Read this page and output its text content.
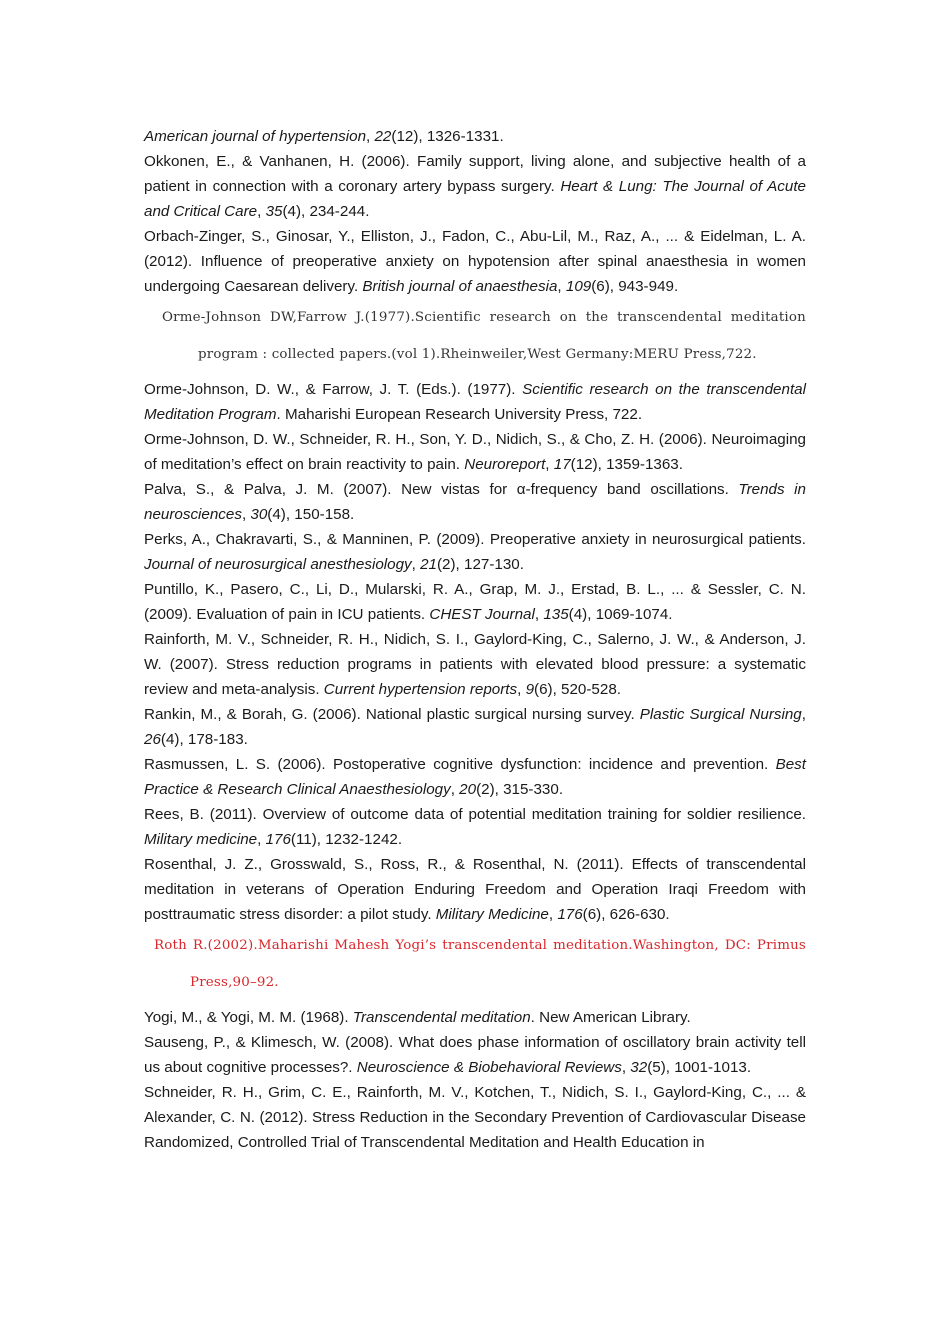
American journal of hypertension, 22(12), 1326-1331.

Okkonen, E., & Vanhanen, H. (2006). Family support, living alone, and subjective health of a patient in connection with a coronary artery bypass surgery. Heart & Lung: The Journal of Acute and Critical Care, 35(4), 234-244.

Orbach-Zinger, S., Ginosar, Y., Elliston, J., Fadon, C., Abu-Lil, M., Raz, A., ... & Eidelman, L. A. (2012). Influence of preoperative anxiety on hypotension after spinal anaesthesia in women undergoing Caesarean delivery. British journal of anaesthesia, 109(6), 943-949.

Orme-Johnson DW,Farrow J.(1977).Scientific research on the transcendental meditation program : collected papers.(vol 1).Rheinweiler,West Germany:MERU Press,722.

Orme-Johnson, D. W., & Farrow, J. T. (Eds.). (1977). Scientific research on the transcendental Meditation Program. Maharishi European Research University Press, 722.

Orme-Johnson, D. W., Schneider, R. H., Son, Y. D., Nidich, S., & Cho, Z. H. (2006). Neuroimaging of meditation’s effect on brain reactivity to pain. Neuroreport, 17(12), 1359-1363.

Palva, S., & Palva, J. M. (2007). New vistas for α-frequency band oscillations. Trends in neurosciences, 30(4), 150-158.

Perks, A., Chakravarti, S., & Manninen, P. (2009). Preoperative anxiety in neurosurgical patients. Journal of neurosurgical anesthesiology, 21(2), 127-130.

Puntillo, K., Pasero, C., Li, D., Mularski, R. A., Grap, M. J., Erstad, B. L., ... & Sessler, C. N. (2009). Evaluation of pain in ICU patients. CHEST Journal, 135(4), 1069-1074.

Rainforth, M. V., Schneider, R. H., Nidich, S. I., Gaylord-King, C., Salerno, J. W., & Anderson, J. W. (2007). Stress reduction programs in patients with elevated blood pressure: a systematic review and meta-analysis. Current hypertension reports, 9(6), 520-528.

Rankin, M., & Borah, G. (2006). National plastic surgical nursing survey. Plastic Surgical Nursing, 26(4), 178-183.

Rasmussen, L. S. (2006). Postoperative cognitive dysfunction: incidence and prevention. Best Practice & Research Clinical Anaesthesiology, 20(2), 315-330.

Rees, B. (2011). Overview of outcome data of potential meditation training for soldier resilience. Military medicine, 176(11), 1232-1242.

Rosenthal, J. Z., Grosswald, S., Ross, R., & Rosenthal, N. (2011). Effects of transcendental meditation in veterans of Operation Enduring Freedom and Operation Iraqi Freedom with posttraumatic stress disorder: a pilot study. Military Medicine, 176(6), 626-630.

Roth R.(2002).Maharishi Mahesh Yogi’s transcendental meditation.Washington, DC: Primus Press,90–92.

Yogi, M., & Yogi, M. M. (1968). Transcendental meditation. New American Library.

Sauseng, P., & Klimesch, W. (2008). What does phase information of oscillatory brain activity tell us about cognitive processes?. Neuroscience & Biobehavioral Reviews, 32(5), 1001-1013.

Schneider, R. H., Grim, C. E., Rainforth, M. V., Kotchen, T., Nidich, S. I., Gaylord-King, C., ... & Alexander, C. N. (2012). Stress Reduction in the Secondary Prevention of Cardiovascular Disease Randomized, Controlled Trial of Transcendental Meditation and Health Education in
